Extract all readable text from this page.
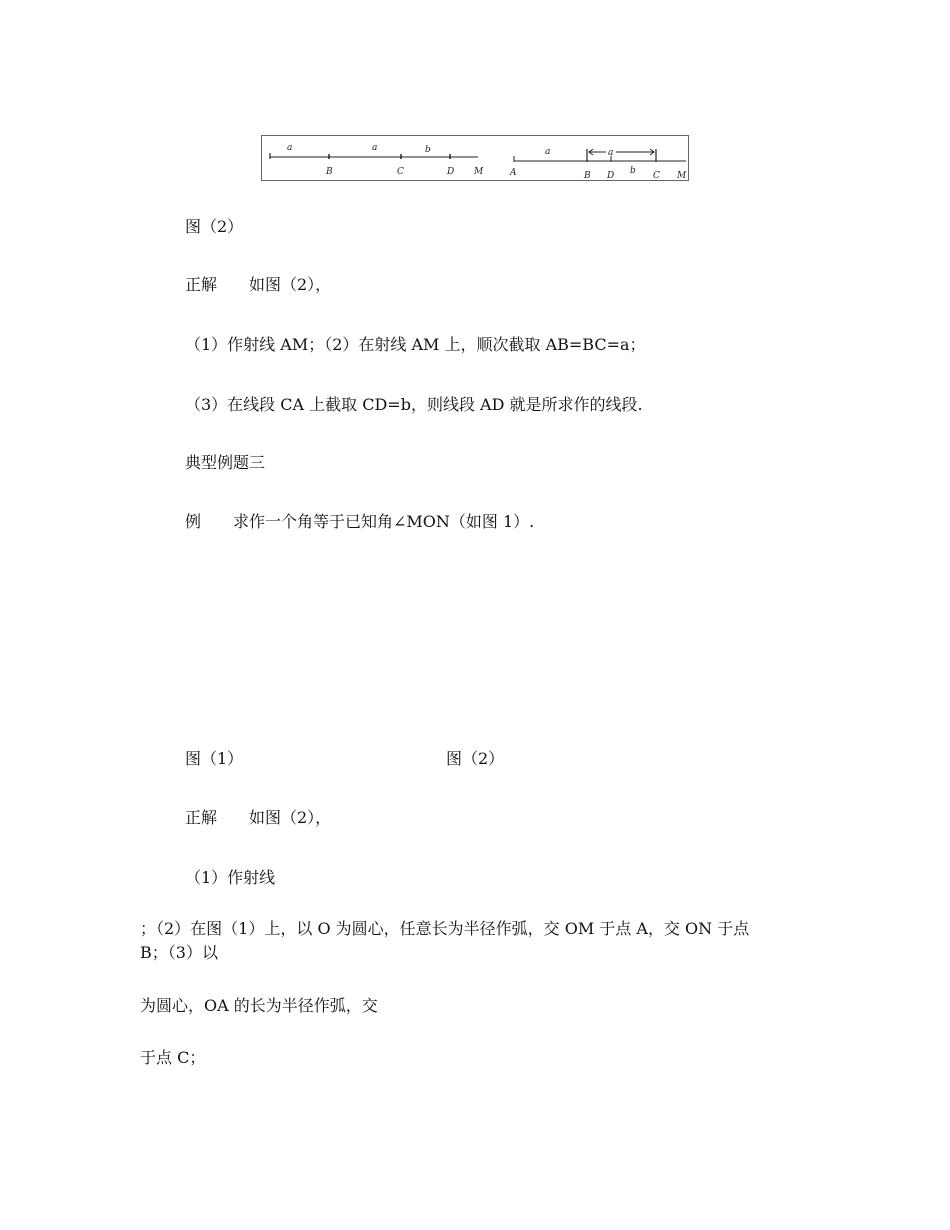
a	a	b
B	C	D M
a	a
b
A	B D	C M
图（2）
正解　　如图（2），
（1）作射线 AM；（2）在射线 AM 上，顺次截取 AB=BC=a；
（3）在线段 CA 上截取 CD=b，则线段 AD 就是所求作的线段.
典型例题三
例　　求作一个角等于已知角∠MON（如图 1）.
图（1）	图（2）
正解　　如图（2），
（1）作射线
；（2）在图（1）上，以 O 为圆心，任意长为半径作弧，交 OM 于点 A，交 ON 于点
B；（3）以
为圆心，OA 的长为半径作弧，交
于点 C；
